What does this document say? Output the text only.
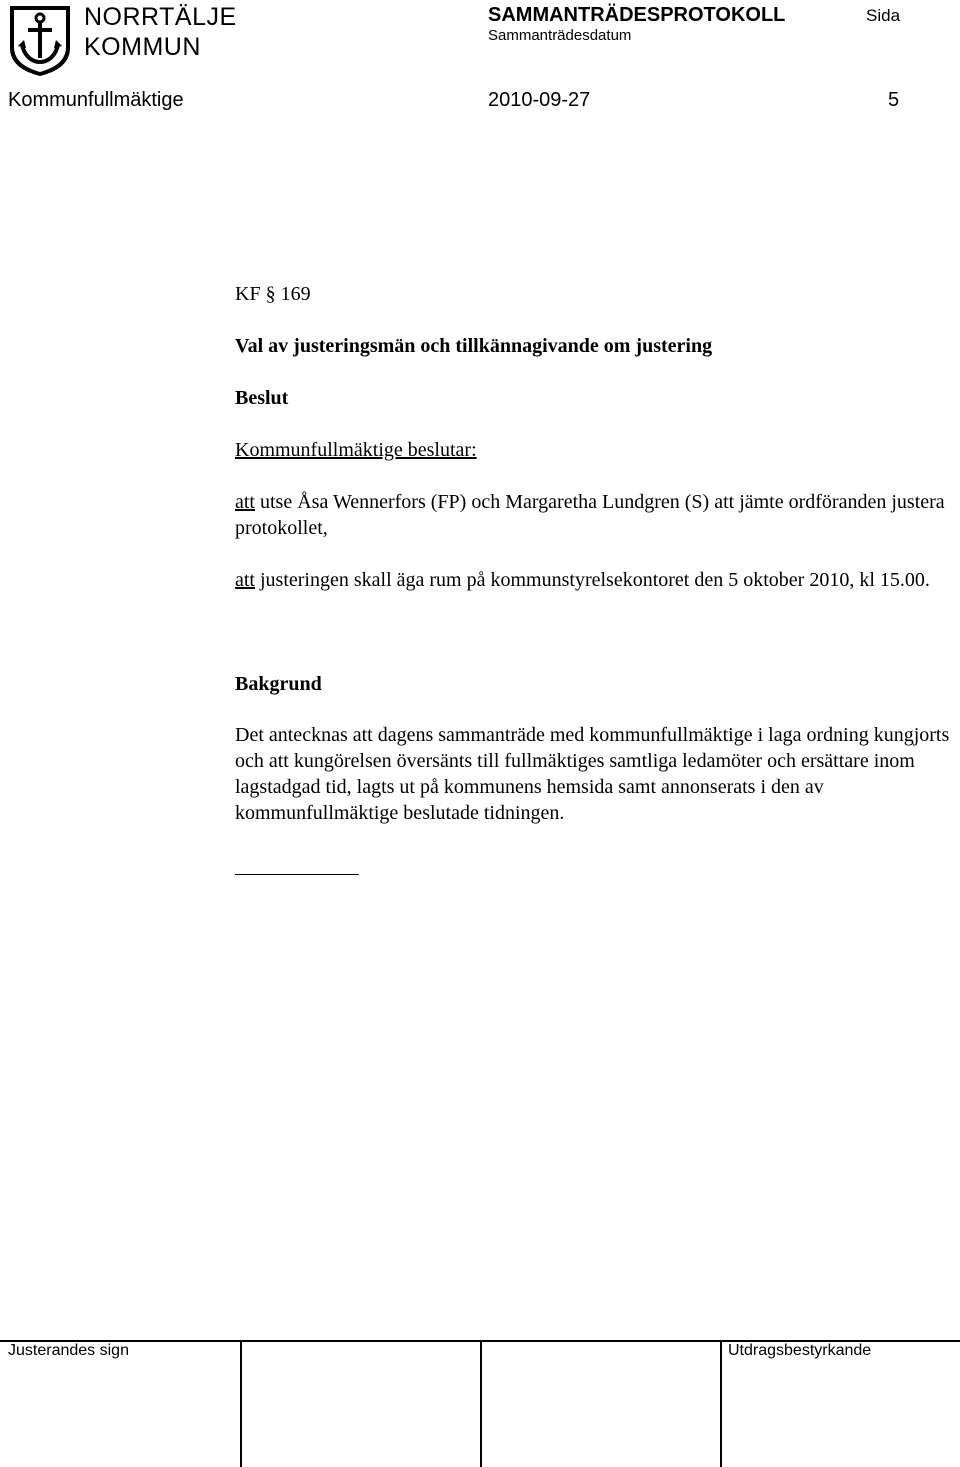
NORRTÄLJE
KOMMUN
SAMMANTRÄDESPROTOKOLL
Sammanträdesdatum
Sida
Kommunfullmäktige	2010-09-27	5
KF § 169
Val av justeringsmän och tillkännagivande om justering
Beslut
Kommunfullmäktige beslutar:
att utse Åsa Wennerfors (FP) och Margaretha Lundgren (S) att jämte ordföranden justera protokollet,
att justeringen skall äga rum på kommunstyrelsekontoret den 5 oktober 2010, kl 15.00.
Bakgrund
Det antecknas att dagens sammanträde med kommunfullmäktige i laga ordning kungjorts och att kungörelsen översänts till fullmäktiges samtliga ledamöter och ersättare inom lagstadgad tid, lagts ut på kommunens hemsida samt annonserats i den av kommunfullmäktige beslutade tidningen.
Justerandes sign	Utdragsbestyrkande
